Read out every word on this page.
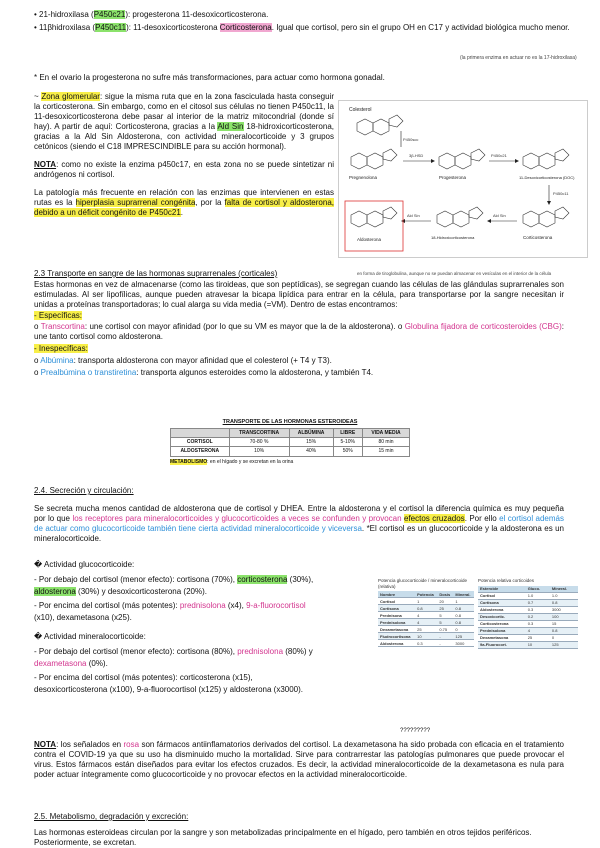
• 21-hidroxilasa (P450c21): progesterona 11-desoxicorticosterona.

• 11βhidroxilasa (P450c11): 11-desoxicorticosterona Corticosterona. Igual que cortisol, pero sin el grupo OH en C17 y actividad biológica mucho menor.

(la primera enzima en actuar no es la 17-hidroxilasa)

* En el ovario la progesterona no sufre más transformaciones, para actuar como hormona gonadal.

~ Zona glomerular: sigue la misma ruta que en la zona fasciculada hasta conseguir la corticosterona. Sin embargo, como en el citosol sus células no tienen P450c11, la 11-desoxicorticosterona debe pasar al interior de la matriz mitocondrial (donde sí hay). A partir de aquí: Corticosterona, gracias a la Ald Sin 18-hidroxicorticosterona, gracias a la Ald Sin Aldosterona, con actividad mineralocorticoide y 3 grupos cetónicos (siendo el C18 IMPRESCINDIBLE para su acción hormonal).

NOTA: como no existe la enzima p450c17, en esta zona no se puede sintetizar ni andrógenos ni cortisol.

La patología más frecuente en relación con las enzimas que intervienen en estas rutas es la hiperplasia suprarrenal congénita, por la falta de cortisol y aldosterona, debido a un déficit congénito de P450c21.

Colesterol
P450scc
Pregnenolona
3β-HSD
Progesterona
P450c21
11-Desoxicorticosterona (DOC)
P450c11
Corticosterona
Ald Sin
18-Hidroxicorticosterona
Ald Sin
Aldosterona

2.3 Transporte en sangre de las hormonas suprarrenales (corticales)	en forma de tiroglobulina, aunque no se puedan almacenar en vesículas en el interior de la célula

Estas hormonas en vez de almacenarse (como las tiroideas, que son peptídicas), se segregan cuando las células de las glándulas suprarrenales son estimuladas. Al ser lipofílicas, aunque pueden atravesar la bicapa lipídica para entrar en la célula, para transportarse por la sangre necesitan ir unidas a proteínas transportadoras; lo cual alarga su vida media (=VM). Dentro de estas encontramos:

- Específicas:

o Transcortina: une cortisol con mayor afinidad (por lo que su VM es mayor que la de la aldosterona). o Globulina fijadora de corticosteroides (CBG): une tanto cortisol como aldosterona.

- Inespecíficas:

o Albúmina: transporta aldosterona con mayor afinidad que el colesterol (+ T4 y T3).

o Prealbúmina o transtiretina: transporta algunos esteroides como la aldosterona, y también T4.

TRANSPORTE DE LAS HORMONAS ESTEROIDEAS

	TRANSCORTINA	ALBÚMINA	LIBRE	VIDA MEDIA
CORTISOL	70-80 %	15%	5-10%	80 min
ALDOSTERONA	10%	40%	50%	15 min

METABOLISMO: en el hígado y se excretan en la orina

2.4. Secreción y circulación:

Se secreta mucha menos cantidad de aldosterona que de cortisol y DHEA. Entre la aldosterona y el cortisol la diferencia química es muy pequeña por lo que los receptores para mineralocorticoides y glucocorticoides a veces se confunden y provocan efectos cruzados. Por ello el cortisol además de actuar como glucocorticoide también tiene cierta actividad mineralocorticoide y viceversa. *El cortisol es un glucocorticoide y la aldosterona es un mineralocorticoide.

� Actividad glucocorticoide:

- Por debajo del cortisol (menor efecto): cortisona (70%), corticosterona (30%),

aldosterona (30%) y desoxicorticosterona (20%).

- Por encima del cortisol (más potentes): prednisolona (x4), 9-a-fluorocortisol

(x10), dexametasona (x25).

� Actividad mineralocorticoide:

- Por debajo del cortisol (menor efecto): cortisona (80%), prednisolona (80%) y

dexametasona (0%).

- Por encima del cortisol (más potentes): corticosterona (x15),

desoxicorticosterona (x100), 9-a-fluorocortisol (x125) y aldosterona (x3000).

Potencia glucocorticoide / mineralocorticoide (relativa)

Nombre	Potencia	Dosis	Mineral.
Cortisol	1	20	1
Cortisona	0.8	25	0.8
Prednisona	4	5	0.8
Prednisolona	4	5	0.8
Dexametasona	25	0.75	0
Fludrocortisona	10	-	125
Aldosterona	0.3	-	3000

Potencia relativa corticoides

Esteroide	Gluco.	Mineral.
Cortisol	1.0	1.0
Cortisona	0.7	0.8
Aldosterona	0.3	3000
Desoxicortic.	0.2	100
Corticosterona	0.3	15
Prednisolona	4	0.8
Dexametasona	25	0
9a-Fluorocort.	10	125

?????????

NOTA: los señalados en rosa son fármacos antiinflamatorios derivados del cortisol. La dexametasona ha sido probada con eficacia en el tratamiento contra el COVID-19 ya que su uso ha disminuido mucho la mortalidad. Sirve para contrarrestar las patologías pulmonares que puede provocar el virus. Estos fármacos están diseñados para evitar los efectos cruzados. Es decir, la actividad mineralocorticoide de la dexametasona es nula para poder actuar íntegramente como glucocorticoide y no provocar efectos en la actividad mineralocorticoide.

2.5. Metabolismo, degradación y excreción:

Las hormonas esteroideas circulan por la sangre y son metabolizadas principalmente en el hígado, pero también en otros tejidos periféricos. Posteriormente, se excretan.
